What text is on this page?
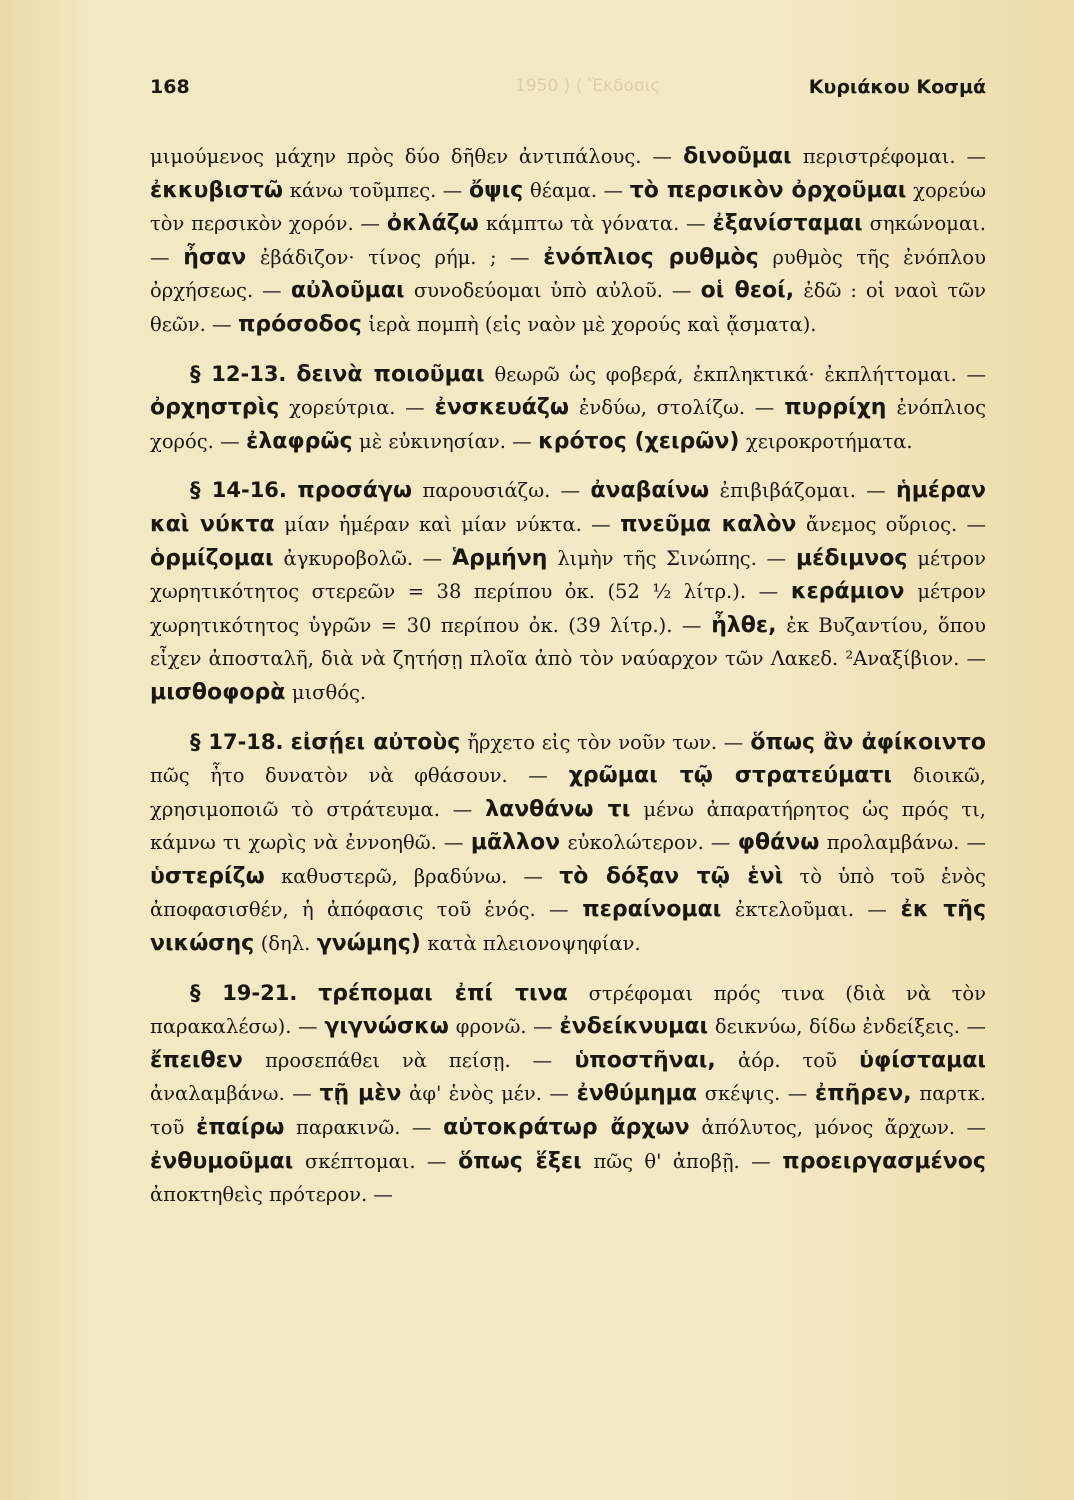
168	Κυριάκου Κοσμά
1950 ) ( Ἔκδοσις

μιμούμενος μάχην πρὸς δύο δῆθεν ἀντιπάλους. — δινοῦμαι περιστρέφομαι. — ἐκκυβιστῶ κάνω τοῦμπες. — ὄψις θέαμα. — τὸ περσικὸν ὀρχοῦμαι χορεύω τὸν περσικὸν χορόν. — ὀκλάζω κάμπτω τὰ γόνατα. — ἐξανίσταμαι σηκώνομαι. — ἦσαν ἐβάδιζον· τίνος ρήμ. ; — ἐνόπλιος ρυθμὸς ρυθμὸς τῆς ἐνόπλου ὀρχήσεως. — αὐλοῦμαι συνοδεύομαι ὑπὸ αὐλοῦ. — οἱ θεοί, ἐδῶ : οἱ ναοὶ τῶν θεῶν. — πρόσοδος ἱερὰ πομπὴ (εἰς ναὸν μὲ χορούς καὶ ᾄσματα).

§ 12-13. δεινὰ ποιοῦμαι θεωρῶ ὡς φοβερά, ἐκπληκτικά· ἐκπλήττομαι. — ὀρχηστρὶς χορεύτρια. — ἐνσκευάζω ἐνδύω, στολίζω. — πυρρίχη ἐνόπλιος χορός. — ἐλαφρῶς μὲ εὐκινησίαν. — κρότος (χειρῶν) χειροκροτήματα.

§ 14-16. προσάγω παρουσιάζω. — ἀναβαίνω ἐπιβιβάζομαι. — ἡμέραν καὶ νύκτα μίαν ἡμέραν καὶ μίαν νύκτα. — πνεῦμα καλὸν ἄνεμος οὔριος. — ὁρμίζομαι ἀγκυροβολῶ. — Ἁρμήνη λιμὴν τῆς Σινώπης. — μέδιμνος μέτρον χωρητικότητος στερεῶν = 38 περίπου ὀκ. (52 ½ λίτρ.). — κεράμιον μέτρον χωρητικότητος ὑγρῶν = 30 περίπου ὀκ. (39 λίτρ.). — ἦλθε, ἐκ Βυζαντίου, ὅπου εἶχεν ἀποσταλῆ, διὰ νὰ ζητήσῃ πλοῖα ἀπὸ τὸν ναύαρχον τῶν Λακεδ. ²Αναξίβιον. — μισθοφορὰ μισθός.

§ 17-18. εἰσῄει αὐτοὺς ἤρχετο εἰς τὸν νοῦν των. — ὅπως ἂν ἀφίκοιντο πῶς ἦτο δυνατὸν νὰ φθάσουν. — χρῶμαι τῷ στρατεύματι διοικῶ, χρησιμοποιῶ τὸ στράτευμα. — λανθάνω τι μένω ἀπαρατήρητος ὡς πρός τι, κάμνω τι χωρὶς νὰ ἐννοηθῶ. — μᾶλλον εὐκολώτερον. — φθάνω προλαμβάνω. — ὑστερίζω καθυστερῶ, βραδύνω. — τὸ δόξαν τῷ ἑνὶ τὸ ὑπὸ τοῦ ἑνὸς ἀποφασισθέν, ἡ ἀπόφασις τοῦ ἑνός. — περαίνομαι ἐκτελοῦμαι. — ἐκ τῆς νικώσης (δηλ. γνώμης) κατὰ πλειονοψηφίαν.

§ 19-21. τρέπομαι ἐπί τινα στρέφομαι πρός τινα (διὰ νὰ τὸν παρακαλέσω). — γιγνώσκω φρονῶ. — ἐνδείκνυμαι δεικνύω, δίδω ἐνδείξεις. — ἔπειθεν προσεπάθει νὰ πείσῃ. — ὑποστῆναι, ἀόρ. τοῦ ὑφίσταμαι ἀναλαμβάνω. — τῇ μὲν ἀφ' ἑνὸς μέν. — ἐνθύμημα σκέψις. — ἐπῆρεν, παρτκ. τοῦ ἐπαίρω παρακινῶ. — αὐτοκράτωρ ἄρχων ἀπόλυτος, μόνος ἄρχων. — ἐνθυμοῦμαι σκέπτομαι. — ὅπως ἕξει πῶς θ' ἀποβῇ. — προειργασμένος ἀποκτηθεὶς πρότερον. —
